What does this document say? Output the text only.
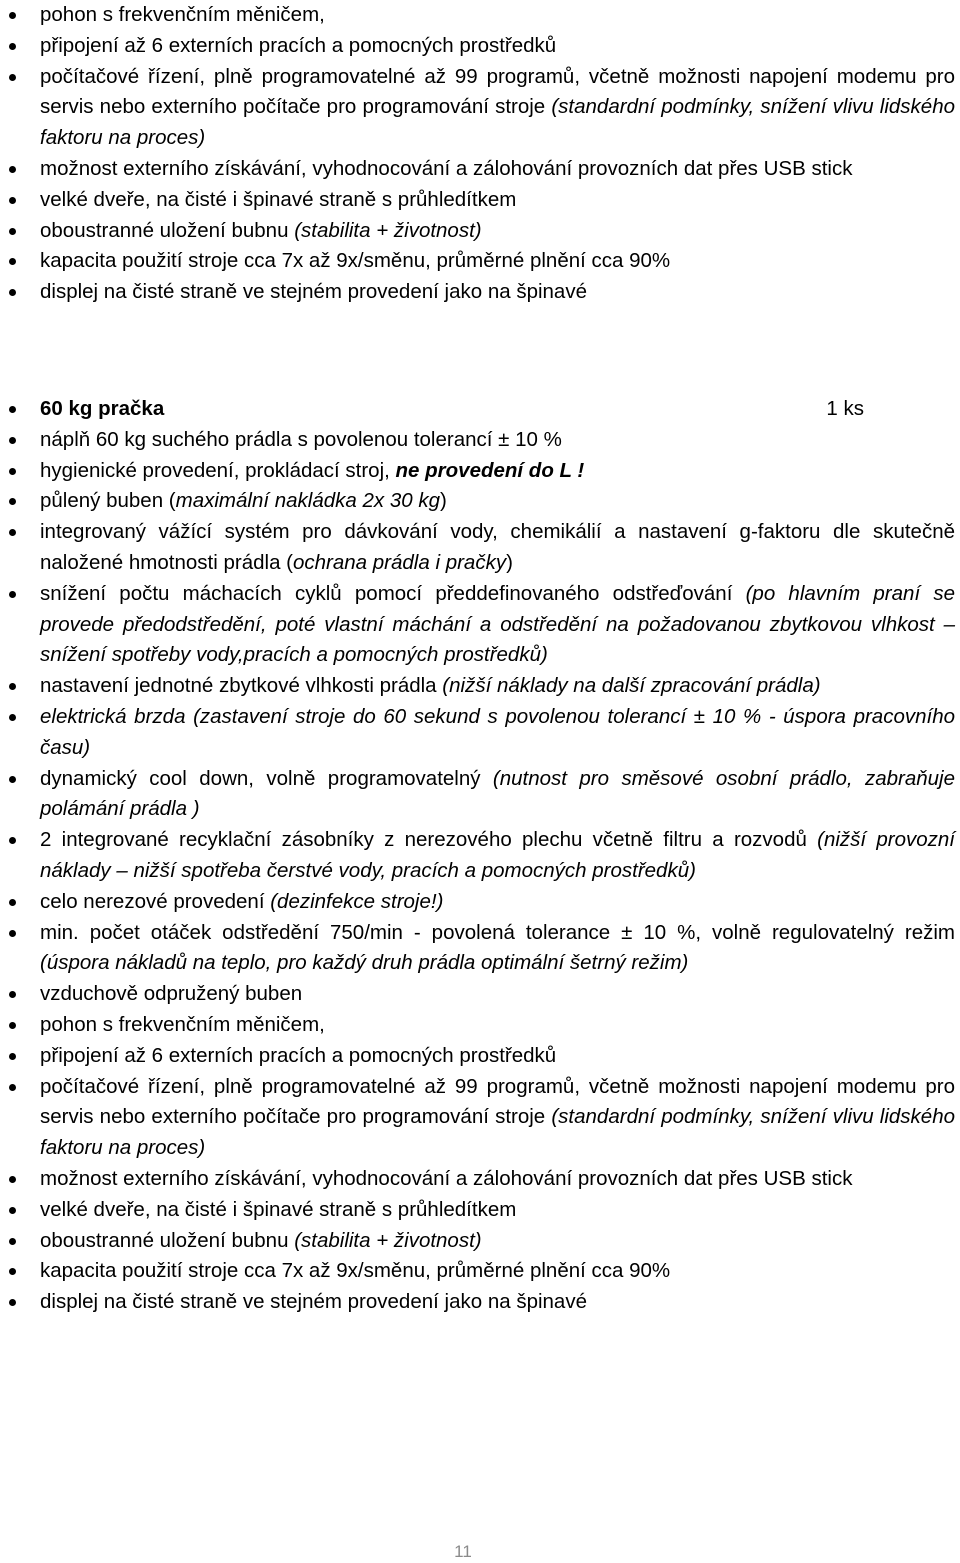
pohon s frekvenčním měničem,
připojení až 6 externích pracích a pomocných prostředků
počítačové řízení, plně programovatelné až 99 programů, včetně možnosti napojení modemu pro servis nebo externího počítače pro programování stroje (standardní podmínky, snížení vlivu lidského faktoru na proces)
možnost externího získávání, vyhodnocování a zálohování provozních dat přes USB stick
velké dveře, na čisté i špinavé straně s průhledítkem
oboustranné uložení bubnu (stabilita + životnost)
kapacita použití stroje cca 7x až 9x/směnu, průměrné plnění cca 90%
displej na čisté straně ve stejném provedení jako na špinavé
60 kg pračka	1 ks
náplň 60 kg suchého prádla s povolenou tolerancí ± 10 %
hygienické provedení, prokládací stroj, ne provedení do L !
půlený buben (maximální nakládka 2x 30 kg)
integrovaný vážící systém pro dávkování vody, chemikálií a nastavení g-faktoru dle skutečně naložené hmotnosti prádla (ochrana prádla i pračky)
snížení počtu máchacích cyklů pomocí předdefinovaného odstřeďování (po hlavním praní se provede předodstředění, poté vlastní máchání a odstředění na požadovanou zbytkovou vlhkost – snížení spotřeby vody,pracích a pomocných prostředků)
nastavení jednotné zbytkové vlhkosti prádla (nižší náklady na další zpracování prádla)
elektrická brzda (zastavení stroje do 60 sekund s povolenou tolerancí ± 10 % - úspora pracovního času)
dynamický cool down, volně programovatelný (nutnost pro směsové osobní prádlo, zabraňuje polámání prádla )
2 integrované recyklační zásobníky z nerezového plechu včetně filtru a rozvodů (nižší provozní náklady – nižší spotřeba čerstvé vody, pracích a pomocných prostředků)
celo nerezové provedení (dezinfekce stroje!)
min. počet otáček odstředění 750/min - povolená tolerance ± 10 %, volně regulovatelný režim (úspora nákladů na teplo, pro každý druh prádla optimální šetrný režim)
vzduchově odpružený buben
pohon s frekvenčním měničem,
připojení až 6 externích pracích a pomocných prostředků
počítačové řízení, plně programovatelné až 99 programů, včetně možnosti napojení modemu pro servis nebo externího počítače pro programování stroje (standardní podmínky, snížení vlivu lidského faktoru na proces)
možnost externího získávání, vyhodnocování a zálohování provozních dat přes USB stick
velké dveře, na čisté i špinavé straně s průhledítkem
oboustranné uložení bubnu (stabilita + životnost)
kapacita použití stroje cca 7x až 9x/směnu, průměrné plnění cca 90%
displej na čisté straně ve stejném provedení jako na špinavé
11
